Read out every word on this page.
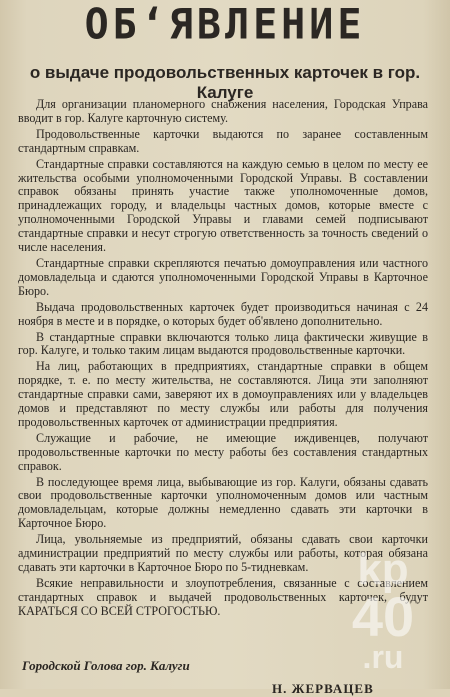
ОБ‘ЯВЛЕНИЕ
о выдаче продовольственных карточек в гор. Калуге

Для организации планомерного снабжения населения, Городская Управа вводит в гор. Калуге карточную систему.

Продовольственные карточки выдаются по заранее составленным стандартным справкам.

Стандартные справки составляются на каждую семью в целом по месту ее жительства особыми уполномоченными Городской Управы. В составлении справок обязаны принять участие также уполномоченные домов, принадлежащих городу, и владельцы частных домов, которые вместе с уполномоченными Городской Управы и главами семей подписывают стандартные справки и несут строгую ответственность за точность сведений о числе населения.

Стандартные справки скрепляются печатью домоуправления или частного домовладельца и сдаются уполномоченными Городской Управы в Карточное Бюро.

Выдача продовольственных карточек будет производиться начиная с 24 ноября в месте и в порядке, о которых будет об'явлено дополнительно.

В стандартные справки включаются только лица фактически живущие в гор. Калуге, и только таким лицам выдаются продовольственные карточки.

На лиц, работающих в предприятиях, стандартные справки в общем порядке, т. е. по месту жительства, не составляются. Лица эти заполняют стандартные справки сами, заверяют их в домоуправлениях или у владельцев домов и представляют по месту службы или работы для получения продовольственных карточек от администрации предприятия.

Служащие и рабочие, не имеющие иждивенцев, получают продовольственные карточки по месту работы без составления стандартных справок.

В последующее время лица, выбывающие из гор. Калуги, обязаны сдавать свои продовольственные карточки уполномоченным домов или частным домовладельцам, которые должны немедленно сдавать эти карточки в Карточное Бюро.

Лица, увольняемые из предприятий, обязаны сдавать свои карточки администрации предприятий по месту службы или работы, которая обязана сдавать эти карточки в Карточное Бюро по 5-тидневкам.

Всякие неправильности и злоупотребления, связанные с составлением стандартных справок и выдачей продовольственных карточек, будут КАРАТЬСЯ СО ВСЕЙ СТРОГОСТЬЮ.

Городской Голова гор. Калуги
Н. ЖЕРВАЦЕВ
kp
40
.ru
